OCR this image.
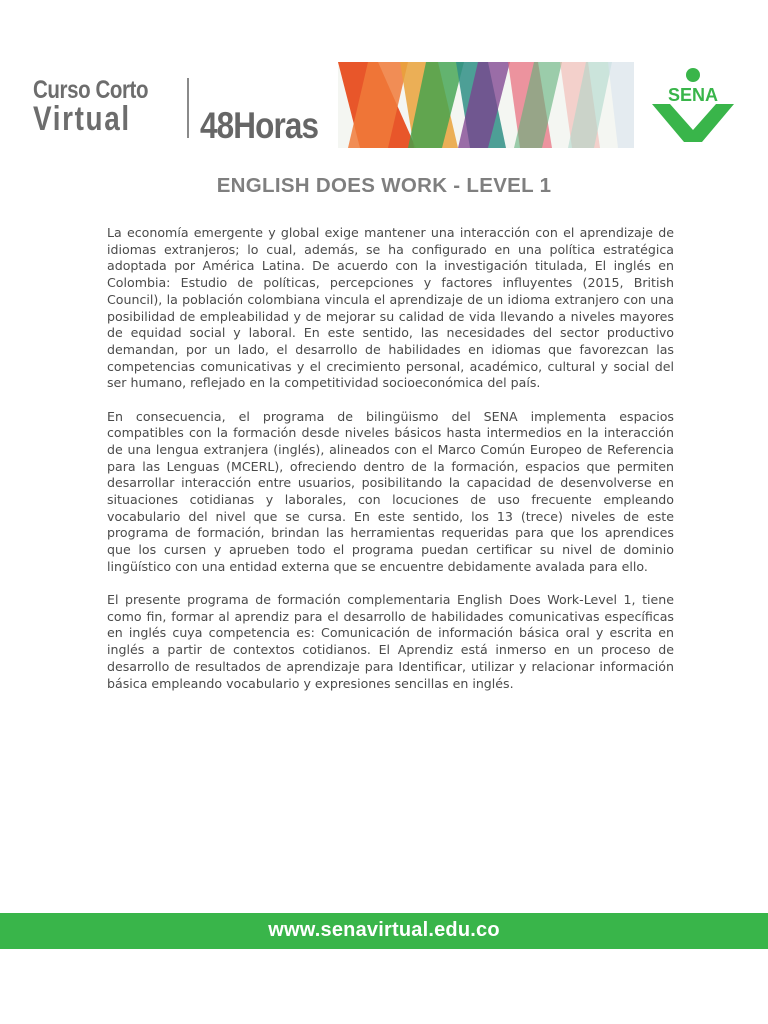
Curso Corto
Virtual	48Horas
SENA
ENGLISH DOES WORK - LEVEL 1

La economía emergente y global exige mantener una interacción con el aprendizaje de idiomas extranjeros; lo cual, además, se ha configurado en una política estratégica adoptada por América Latina. De acuerdo con la investigación titulada, El inglés en Colombia: Estudio de políticas, percepciones y factores influyentes (2015, British Council), la población colombiana vincula el aprendizaje de un idioma extranjero con una posibilidad de empleabilidad y de mejorar su calidad de vida llevando a niveles mayores de equidad social y laboral. En este sentido, las necesidades del sector productivo demandan, por un lado, el desarrollo de habilidades en idiomas que favorezcan las competencias comunicativas y el crecimiento personal, académico, cultural y social del ser humano, reflejado en la competitividad socioeconómica del país.

En consecuencia, el programa de bilingüismo del SENA implementa espacios compatibles con la formación desde niveles básicos hasta intermedios en la interacción de una lengua extranjera (inglés), alineados con el Marco Común Europeo de Referencia para las Lenguas (MCERL), ofreciendo dentro de la formación, espacios que permiten desarrollar interacción entre usuarios, posibilitando la capacidad de desenvolverse en situaciones cotidianas y laborales, con locuciones de uso frecuente empleando vocabulario del nivel que se cursa. En este sentido, los 13 (trece) niveles de este programa de formación, brindan las herramientas requeridas para que los aprendices que los cursen y aprueben todo el programa puedan certificar su nivel de dominio lingüístico con una entidad externa que se encuentre debidamente avalada para ello.

El presente programa de formación complementaria English Does Work-Level 1, tiene como fin, formar al aprendiz para el desarrollo de habilidades comunicativas específicas en inglés cuya competencia es: Comunicación de información básica oral y escrita en inglés a partir de contextos cotidianos. El Aprendiz está inmerso en un proceso de desarrollo de resultados de aprendizaje para Identificar, utilizar y relacionar información básica empleando vocabulario y expresiones sencillas en inglés.

www.senavirtual.edu.co
